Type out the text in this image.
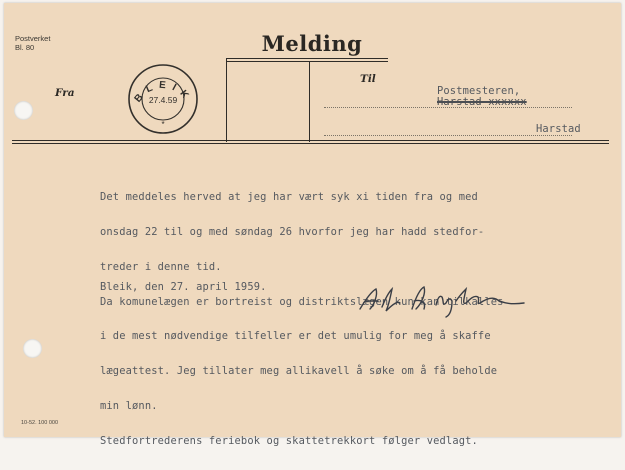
Postverket
Bl. 80	Melding
Fra
Til
BLEIK
27.4.59
*
Postmesteren,
Harstad-xxxxxx
Harstad

Det meddeles herved at jeg har vært syk xi tiden fra og med

onsdag 22 til og med søndag 26 hvorfor jeg har hadd stedfor-

treder i denne tid.

Da komunelægen er bortreist og distriktslægen kun kan tilkalles

i de mest nødvendige tilfeller er det umulig for meg å skaffe

lægeattest. Jeg tillater meg allikavell å søke om å få beholde

min lønn.

Stedfortrederens feriebok og skattetrekkort følger vedlagt.

Bleik, den 27. april 1959.
10-52. 100 000
